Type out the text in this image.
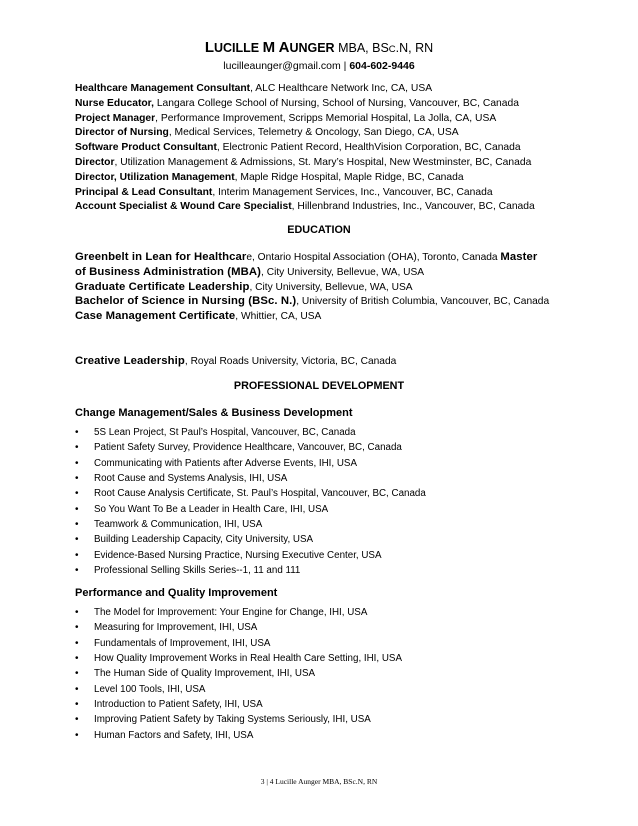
LUCILLE M AUNGER MBA, BSC.N, RN
lucilleaunger@gmail.com | 604-602-9446
Healthcare Management Consultant, ALC Healthcare Network Inc, CA, USA
Nurse Educator, Langara College School of Nursing, School of Nursing, Vancouver, BC, Canada
Project Manager, Performance Improvement, Scripps Memorial Hospital, La Jolla, CA, USA
Director of Nursing, Medical Services, Telemetry & Oncology, San Diego, CA, USA
Software Product Consultant, Electronic Patient Record, HealthVision Corporation, BC, Canada
Director, Utilization Management & Admissions, St. Mary’s Hospital, New Westminster, BC, Canada
Director, Utilization Management, Maple Ridge Hospital, Maple Ridge, BC, Canada
Principal & Lead Consultant, Interim Management Services, Inc., Vancouver, BC, Canada
Account Specialist & Wound Care Specialist, Hillenbrand Industries, Inc., Vancouver, BC, Canada
EDUCATION
Greenbelt in Lean for Healthcare, Ontario Hospital Association (OHA), Toronto, Canada Master
of Business Administration (MBA), City University, Bellevue, WA, USA
Graduate Certificate Leadership, City University, Bellevue, WA, USA
Bachelor of Science in Nursing (BSc. N.), University of British Columbia, Vancouver, BC, Canada
Case Management Certificate, Whittier, CA, USA
Creative Leadership, Royal Roads University, Victoria, BC, Canada
PROFESSIONAL DEVELOPMENT
Change Management/Sales & Business Development
• 5S Lean Project, St Paul’s Hospital, Vancouver, BC, Canada
• Patient Safety Survey, Providence Healthcare, Vancouver, BC, Canada
• Communicating with Patients after Adverse Events, IHI, USA
• Root Cause and Systems Analysis, IHI, USA
• Root Cause Analysis Certificate, St. Paul’s Hospital, Vancouver, BC, Canada
• So You Want To Be a Leader in Health Care, IHI, USA
• Teamwork & Communication, IHI, USA
• Building Leadership Capacity, City University, USA
• Evidence-Based Nursing Practice, Nursing Executive Center, USA
• Professional Selling Skills Series--1, 11 and 111
Performance and Quality Improvement
• The Model for Improvement: Your Engine for Change, IHI, USA
• Measuring for Improvement, IHI, USA
• Fundamentals of Improvement, IHI, USA
• How Quality Improvement Works in Real Health Care Setting, IHI, USA
• The Human Side of Quality Improvement, IHI, USA
• Level 100 Tools, IHI, USA
• Introduction to Patient Safety, IHI, USA
• Improving Patient Safety by Taking Systems Seriously, IHI, USA
• Human Factors and Safety, IHI, USA
3 | 4 Lucille Aunger MBA, BSc.N, RN
